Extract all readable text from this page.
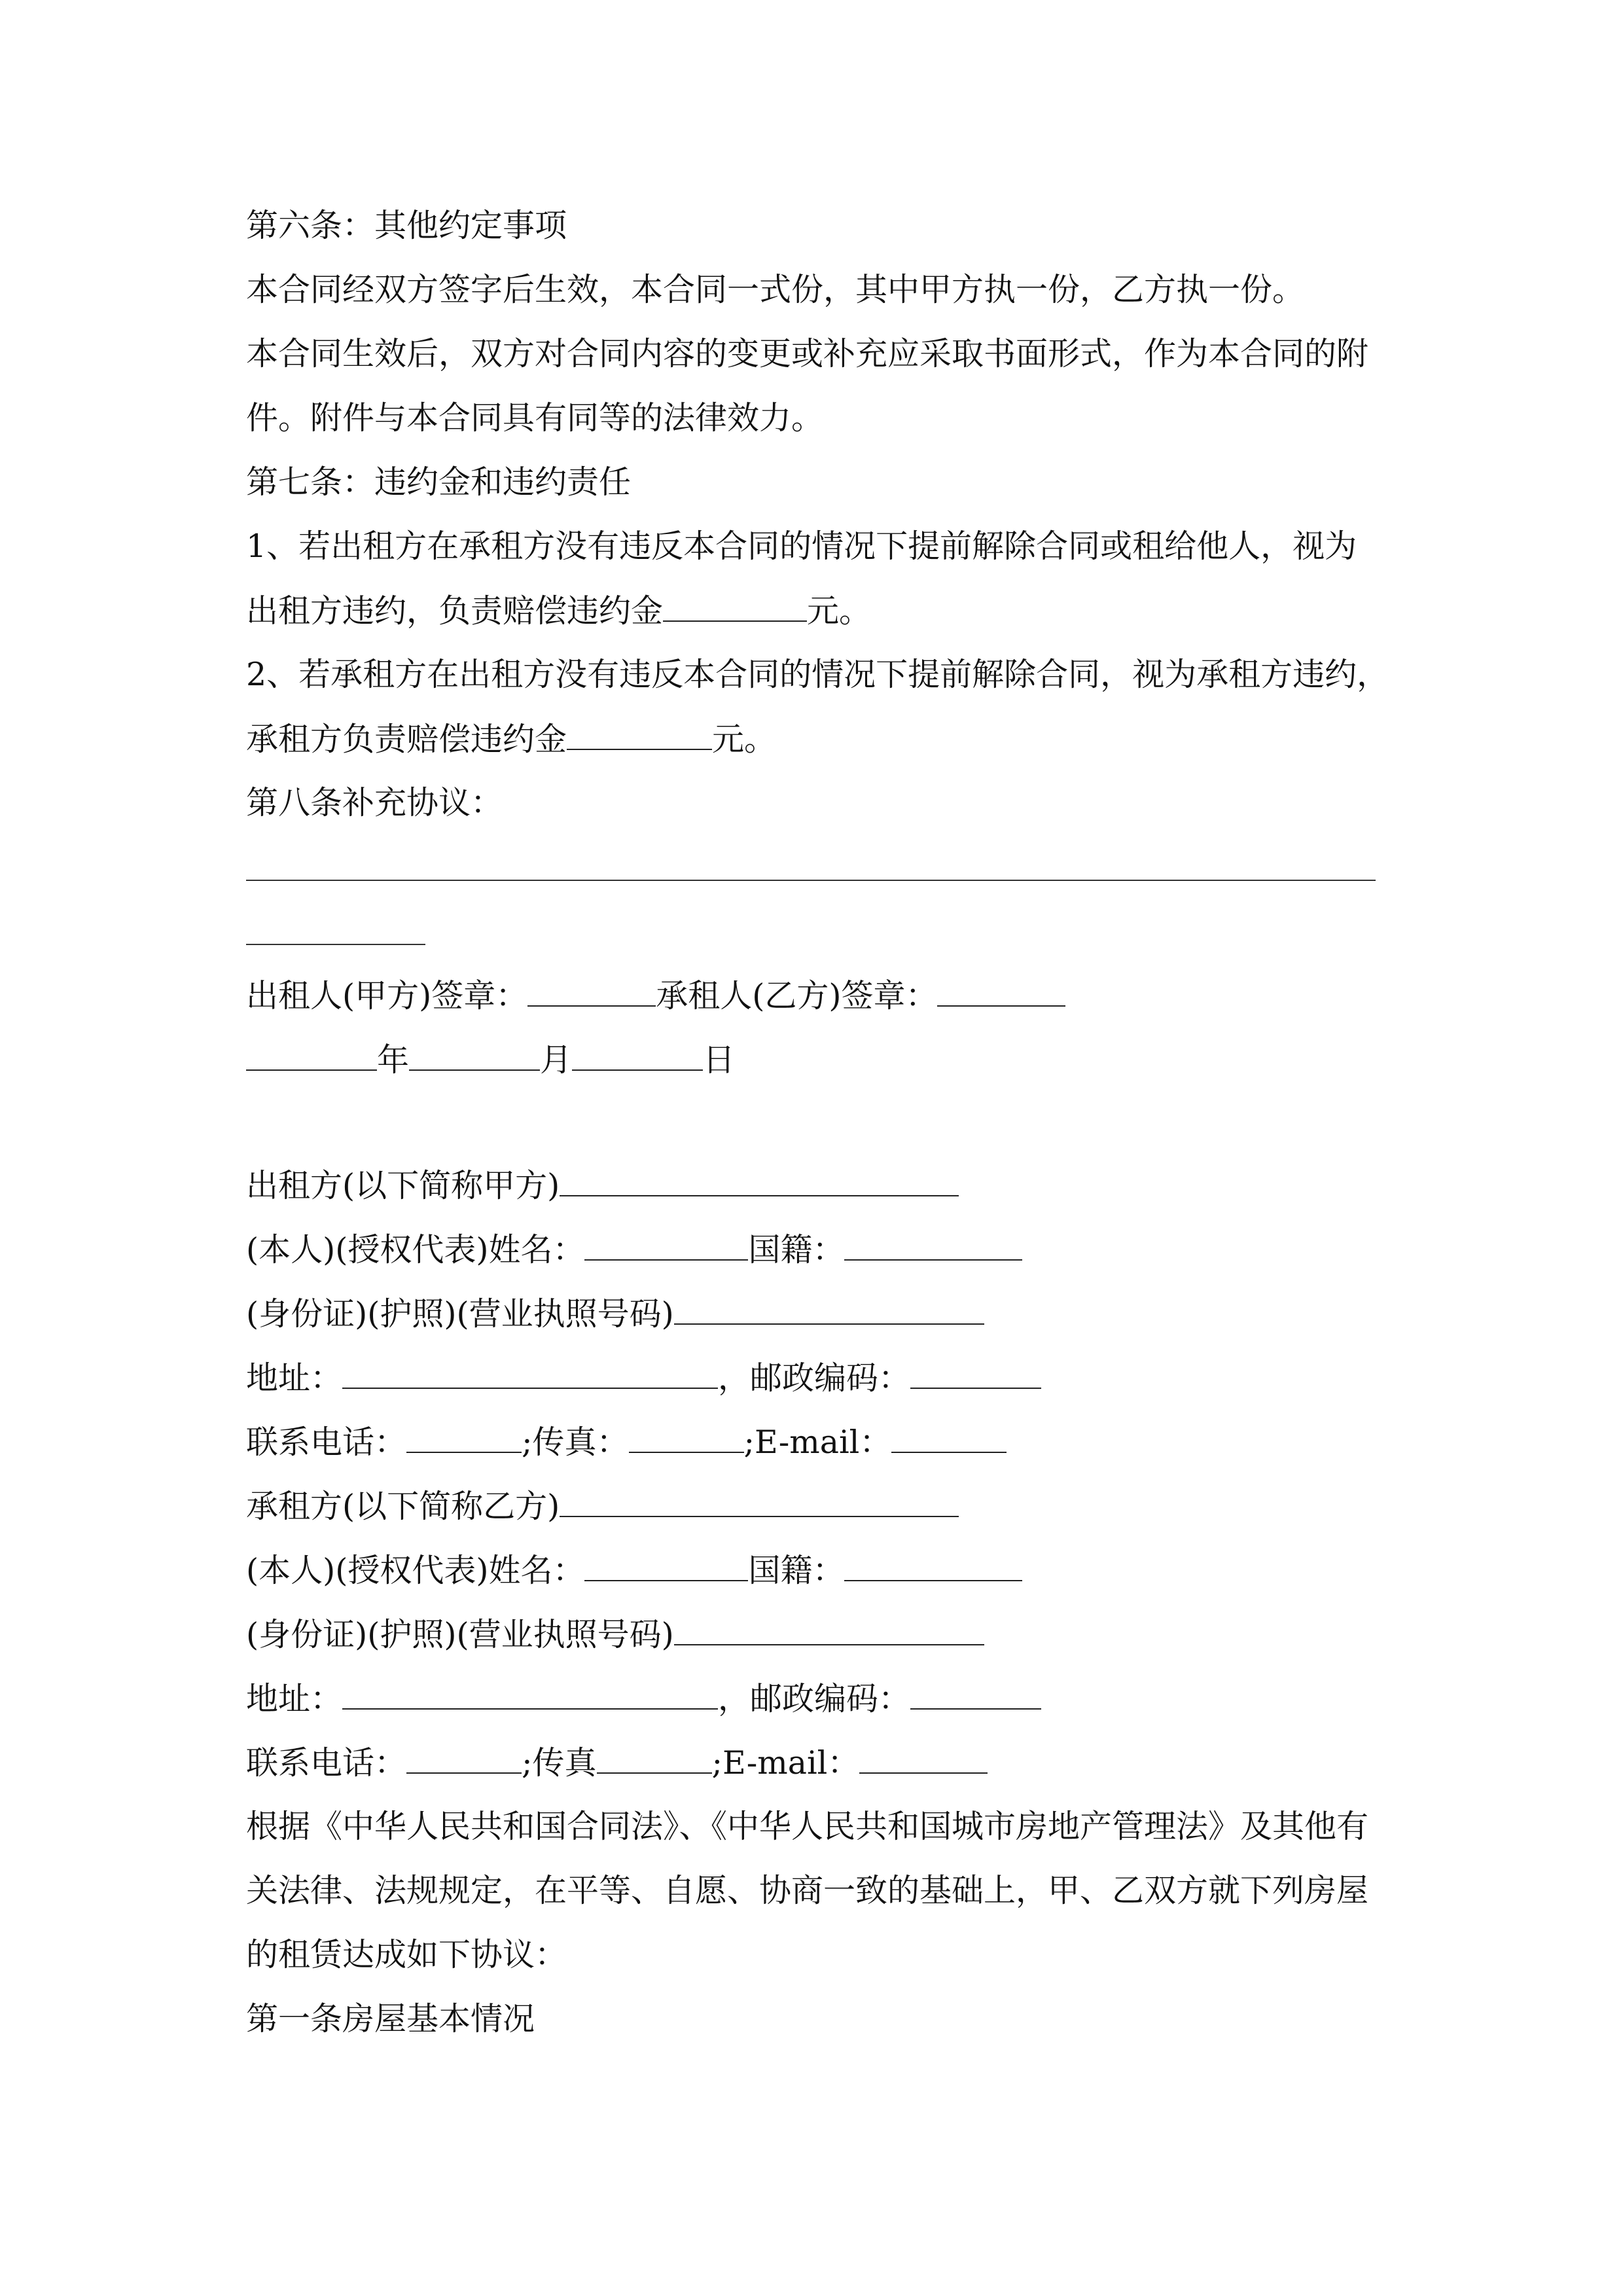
第六条：其他约定事项

本合同经双方签字后生效，本合同一式份，其中甲方执一份，乙方执一份。

本合同生效后，双方对合同内容的变更或补充应采取书面形式，作为本合同的附

件。附件与本合同具有同等的法律效力。

第七条：违约金和违约责任

1、若出租方在承租方没有违反本合同的情况下提前解除合同或租给他人，视为

出租方违约，负责赔偿违约金	元。

2、若承租方在出租方没有违反本合同的情况下提前解除合同，视为承租方违约，

承租方负责赔偿违约金	元。

第八条补充协议：

出租人(甲方)签章：	承租人(乙方)签章：

年	月	日

出租方(以下简称甲方)

(本人)(授权代表)姓名：	国籍：

(身份证)(护照)(营业执照号码)

地址：	，邮政编码：

联系电话：	;传真：	;E-mail：

承租方(以下简称乙方)

(本人)(授权代表)姓名：	国籍：

(身份证)(护照)(营业执照号码)

地址：	，邮政编码：

联系电话：	;传真	;E-mail：

根据《中华人民共和国合同法》、《中华人民共和国城市房地产管理法》及其他有

关法律、法规规定，在平等、自愿、协商一致的基础上，甲、乙双方就下列房屋

的租赁达成如下协议：

第一条房屋基本情况
